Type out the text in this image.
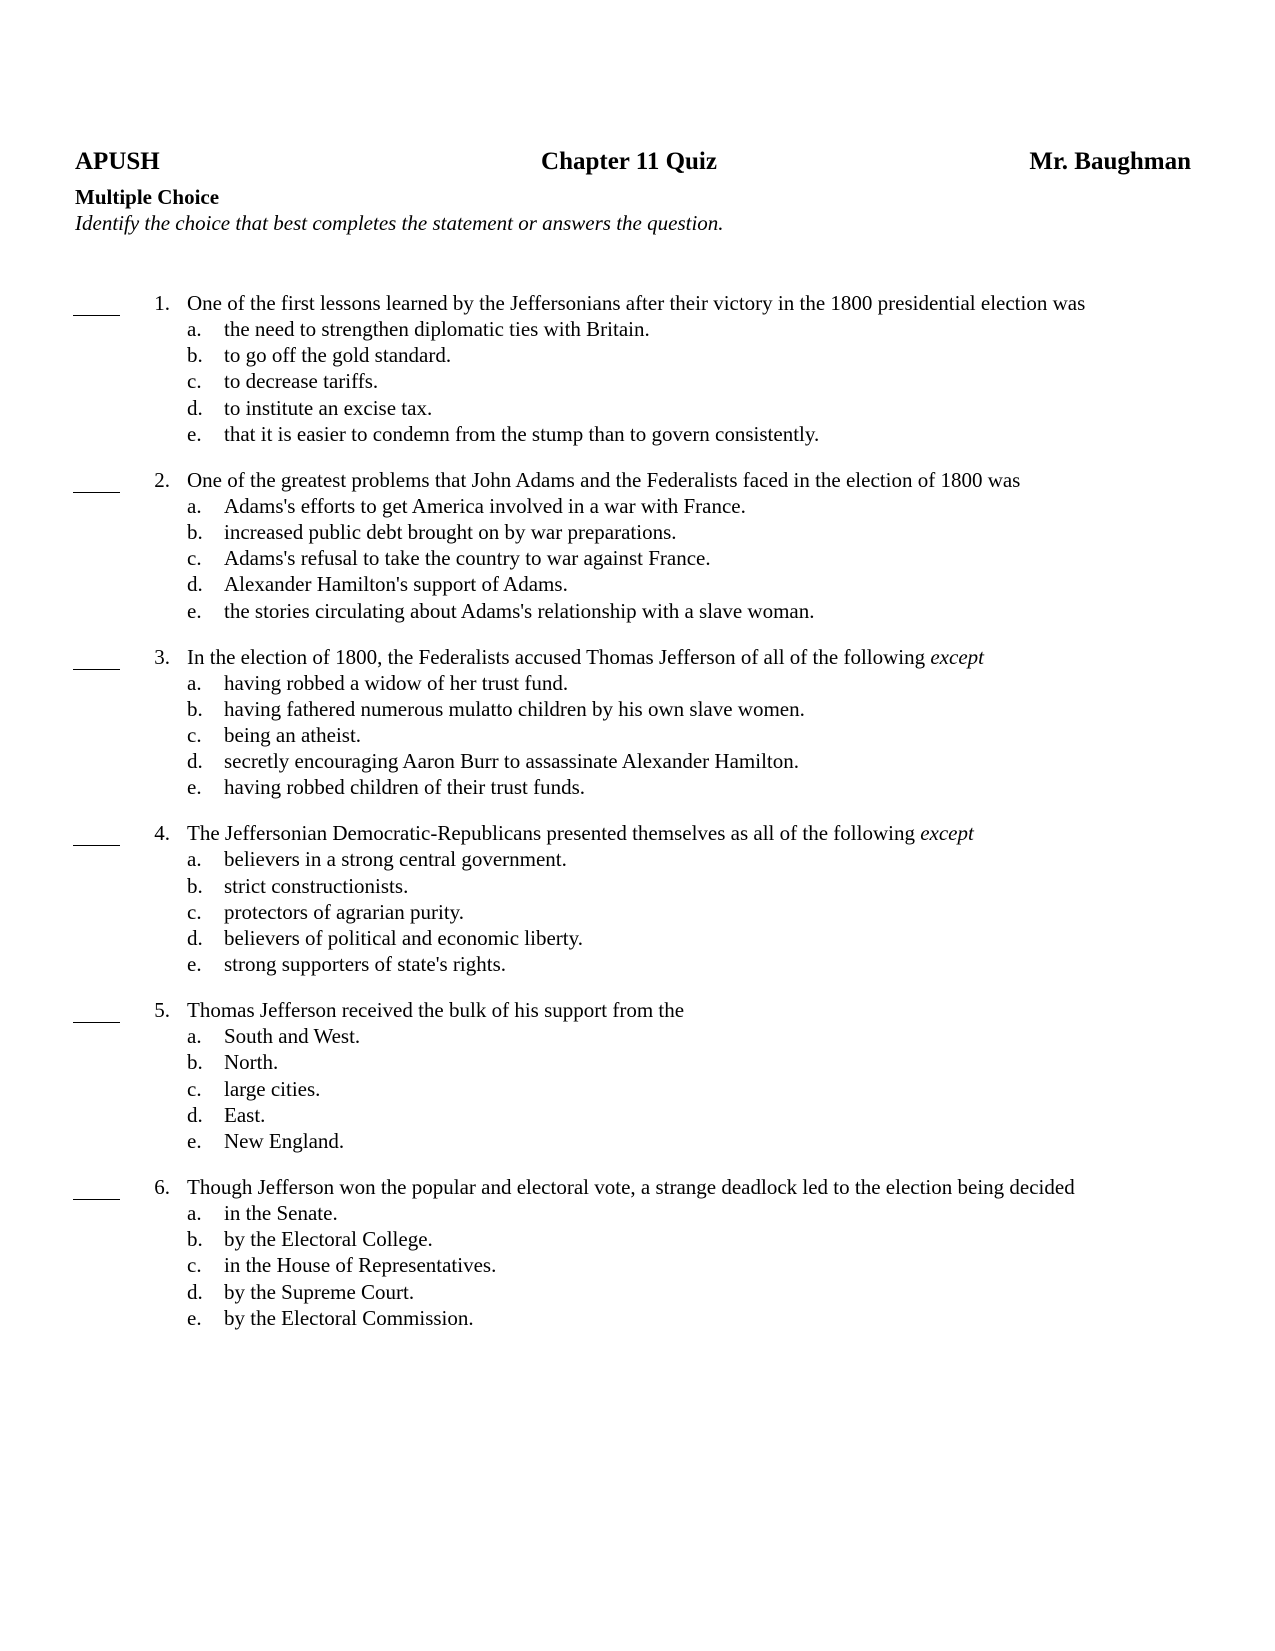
APUSH	Chapter 11 Quiz	Mr. Baughman
Multiple Choice
Identify the choice that best completes the statement or answers the question.
1. One of the first lessons learned by the Jeffersonians after their victory in the 1800 presidential election was
a. the need to strengthen diplomatic ties with Britain.
b. to go off the gold standard.
c. to decrease tariffs.
d. to institute an excise tax.
e. that it is easier to condemn from the stump than to govern consistently.
2. One of the greatest problems that John Adams and the Federalists faced in the election of 1800 was
a. Adams's efforts to get America involved in a war with France.
b. increased public debt brought on by war preparations.
c. Adams's refusal to take the country to war against France.
d. Alexander Hamilton's support of Adams.
e. the stories circulating about Adams's relationship with a slave woman.
3. In the election of 1800, the Federalists accused Thomas Jefferson of all of the following except
a. having robbed a widow of her trust fund.
b. having fathered numerous mulatto children by his own slave women.
c. being an atheist.
d. secretly encouraging Aaron Burr to assassinate Alexander Hamilton.
e. having robbed children of their trust funds.
4. The Jeffersonian Democratic-Republicans presented themselves as all of the following except
a. believers in a strong central government.
b. strict constructionists.
c. protectors of agrarian purity.
d. believers of political and economic liberty.
e. strong supporters of state's rights.
5. Thomas Jefferson received the bulk of his support from the
a. South and West.
b. North.
c. large cities.
d. East.
e. New England.
6. Though Jefferson won the popular and electoral vote, a strange deadlock led to the election being decided
a. in the Senate.
b. by the Electoral College.
c. in the House of Representatives.
d. by the Supreme Court.
e. by the Electoral Commission.
